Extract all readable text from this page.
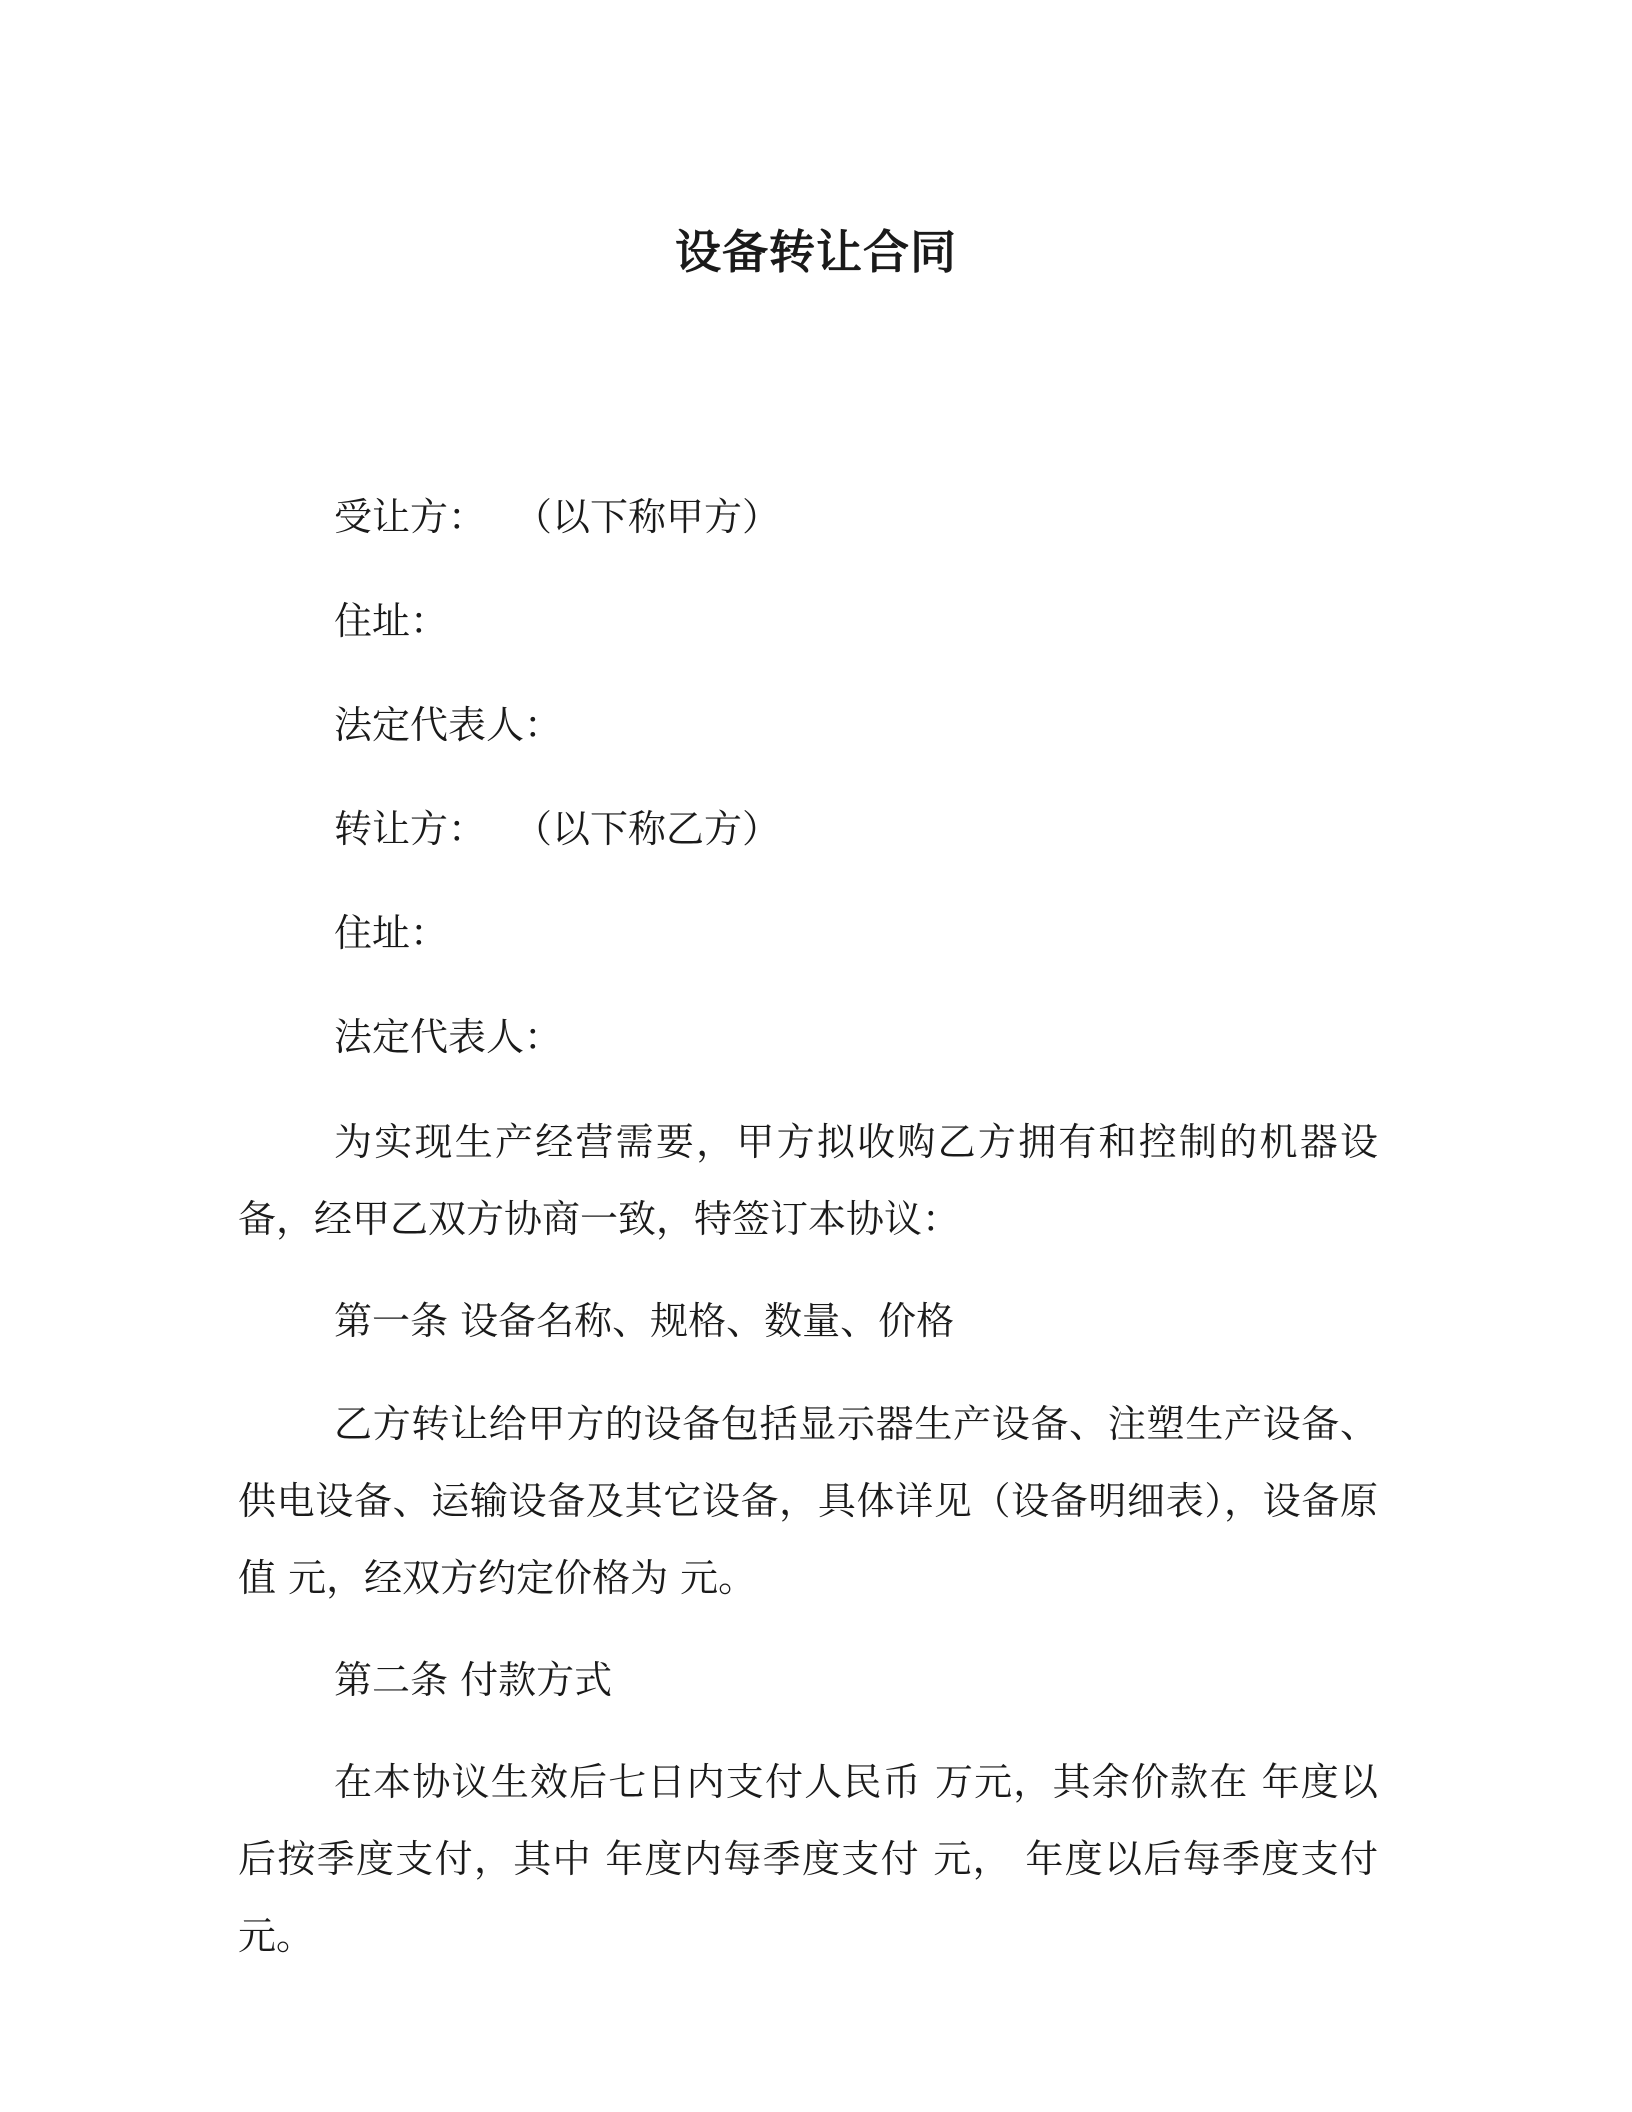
设备转让合同

受让方： （以下称甲方）

住址：

法定代表人：

转让方： （以下称乙方）

住址：

法定代表人：

为实现生产经营需要，甲方拟收购乙方拥有和控制的机器设备，经甲乙双方协商一致，特签订本协议：

第一条 设备名称、规格、数量、价格

乙方转让给甲方的设备包括显示器生产设备、注塑生产设备、供电设备、运输设备及其它设备，具体详见（设备明细表），设备原值 元，经双方约定价格为 元。

第二条 付款方式

在本协议生效后七日内支付人民币 万元，其余价款在 年度以后按季度支付，其中 年度内每季度支付 元， 年度以后每季度支付 元。
